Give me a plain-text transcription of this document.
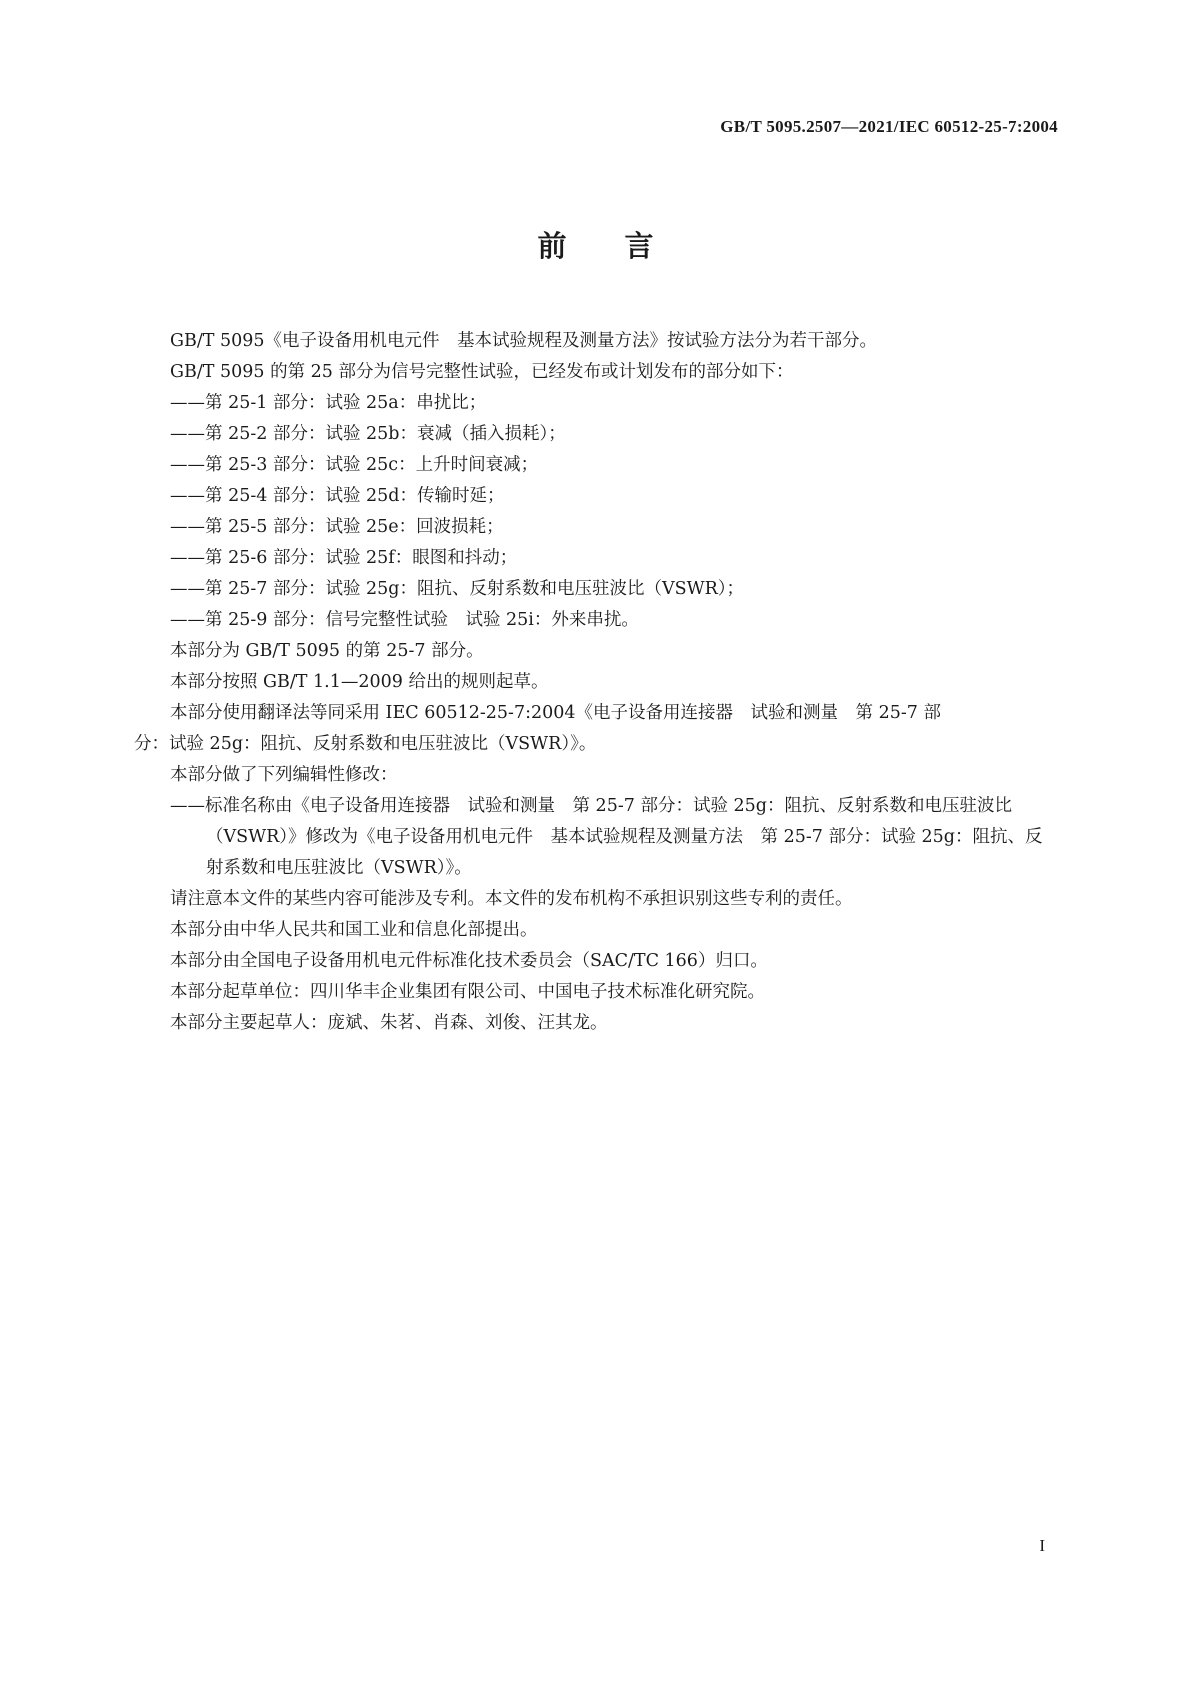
GB/T 5095.2507—2021/IEC 60512-25-7:2004
前 言

GB/T 5095《电子设备用机电元件　基本试验规程及测量方法》按试验方法分为若干部分。

GB/T 5095 的第 25 部分为信号完整性试验，已经发布或计划发布的部分如下：

——第 25-1 部分：试验 25a：串扰比；

——第 25-2 部分：试验 25b：衰减（插入损耗）；

——第 25-3 部分：试验 25c：上升时间衰减；

——第 25-4 部分：试验 25d：传输时延；

——第 25-5 部分：试验 25e：回波损耗；

——第 25-6 部分：试验 25f：眼图和抖动；

——第 25-7 部分：试验 25g：阻抗、反射系数和电压驻波比（VSWR）；

——第 25-9 部分：信号完整性试验　试验 25i：外来串扰。

本部分为 GB/T 5095 的第 25-7 部分。

本部分按照 GB/T 1.1—2009 给出的规则起草。

本部分使用翻译法等同采用 IEC 60512-25-7:2004《电子设备用连接器　试验和测量　第 25-7 部

分：试验 25g：阻抗、反射系数和电压驻波比（VSWR）》。

本部分做了下列编辑性修改：

——标准名称由《电子设备用连接器　试验和测量　第 25-7 部分：试验 25g：阻抗、反射系数和电压驻波比（VSWR）》修改为《电子设备用机电元件　基本试验规程及测量方法　第 25-7 部分：试验 25g：阻抗、反射系数和电压驻波比（VSWR）》。

请注意本文件的某些内容可能涉及专利。本文件的发布机构不承担识别这些专利的责任。

本部分由中华人民共和国工业和信息化部提出。

本部分由全国电子设备用机电元件标准化技术委员会（SAC/TC 166）归口。

本部分起草单位：四川华丰企业集团有限公司、中国电子技术标准化研究院。

本部分主要起草人：庞斌、朱茗、肖森、刘俊、汪其龙。

I
